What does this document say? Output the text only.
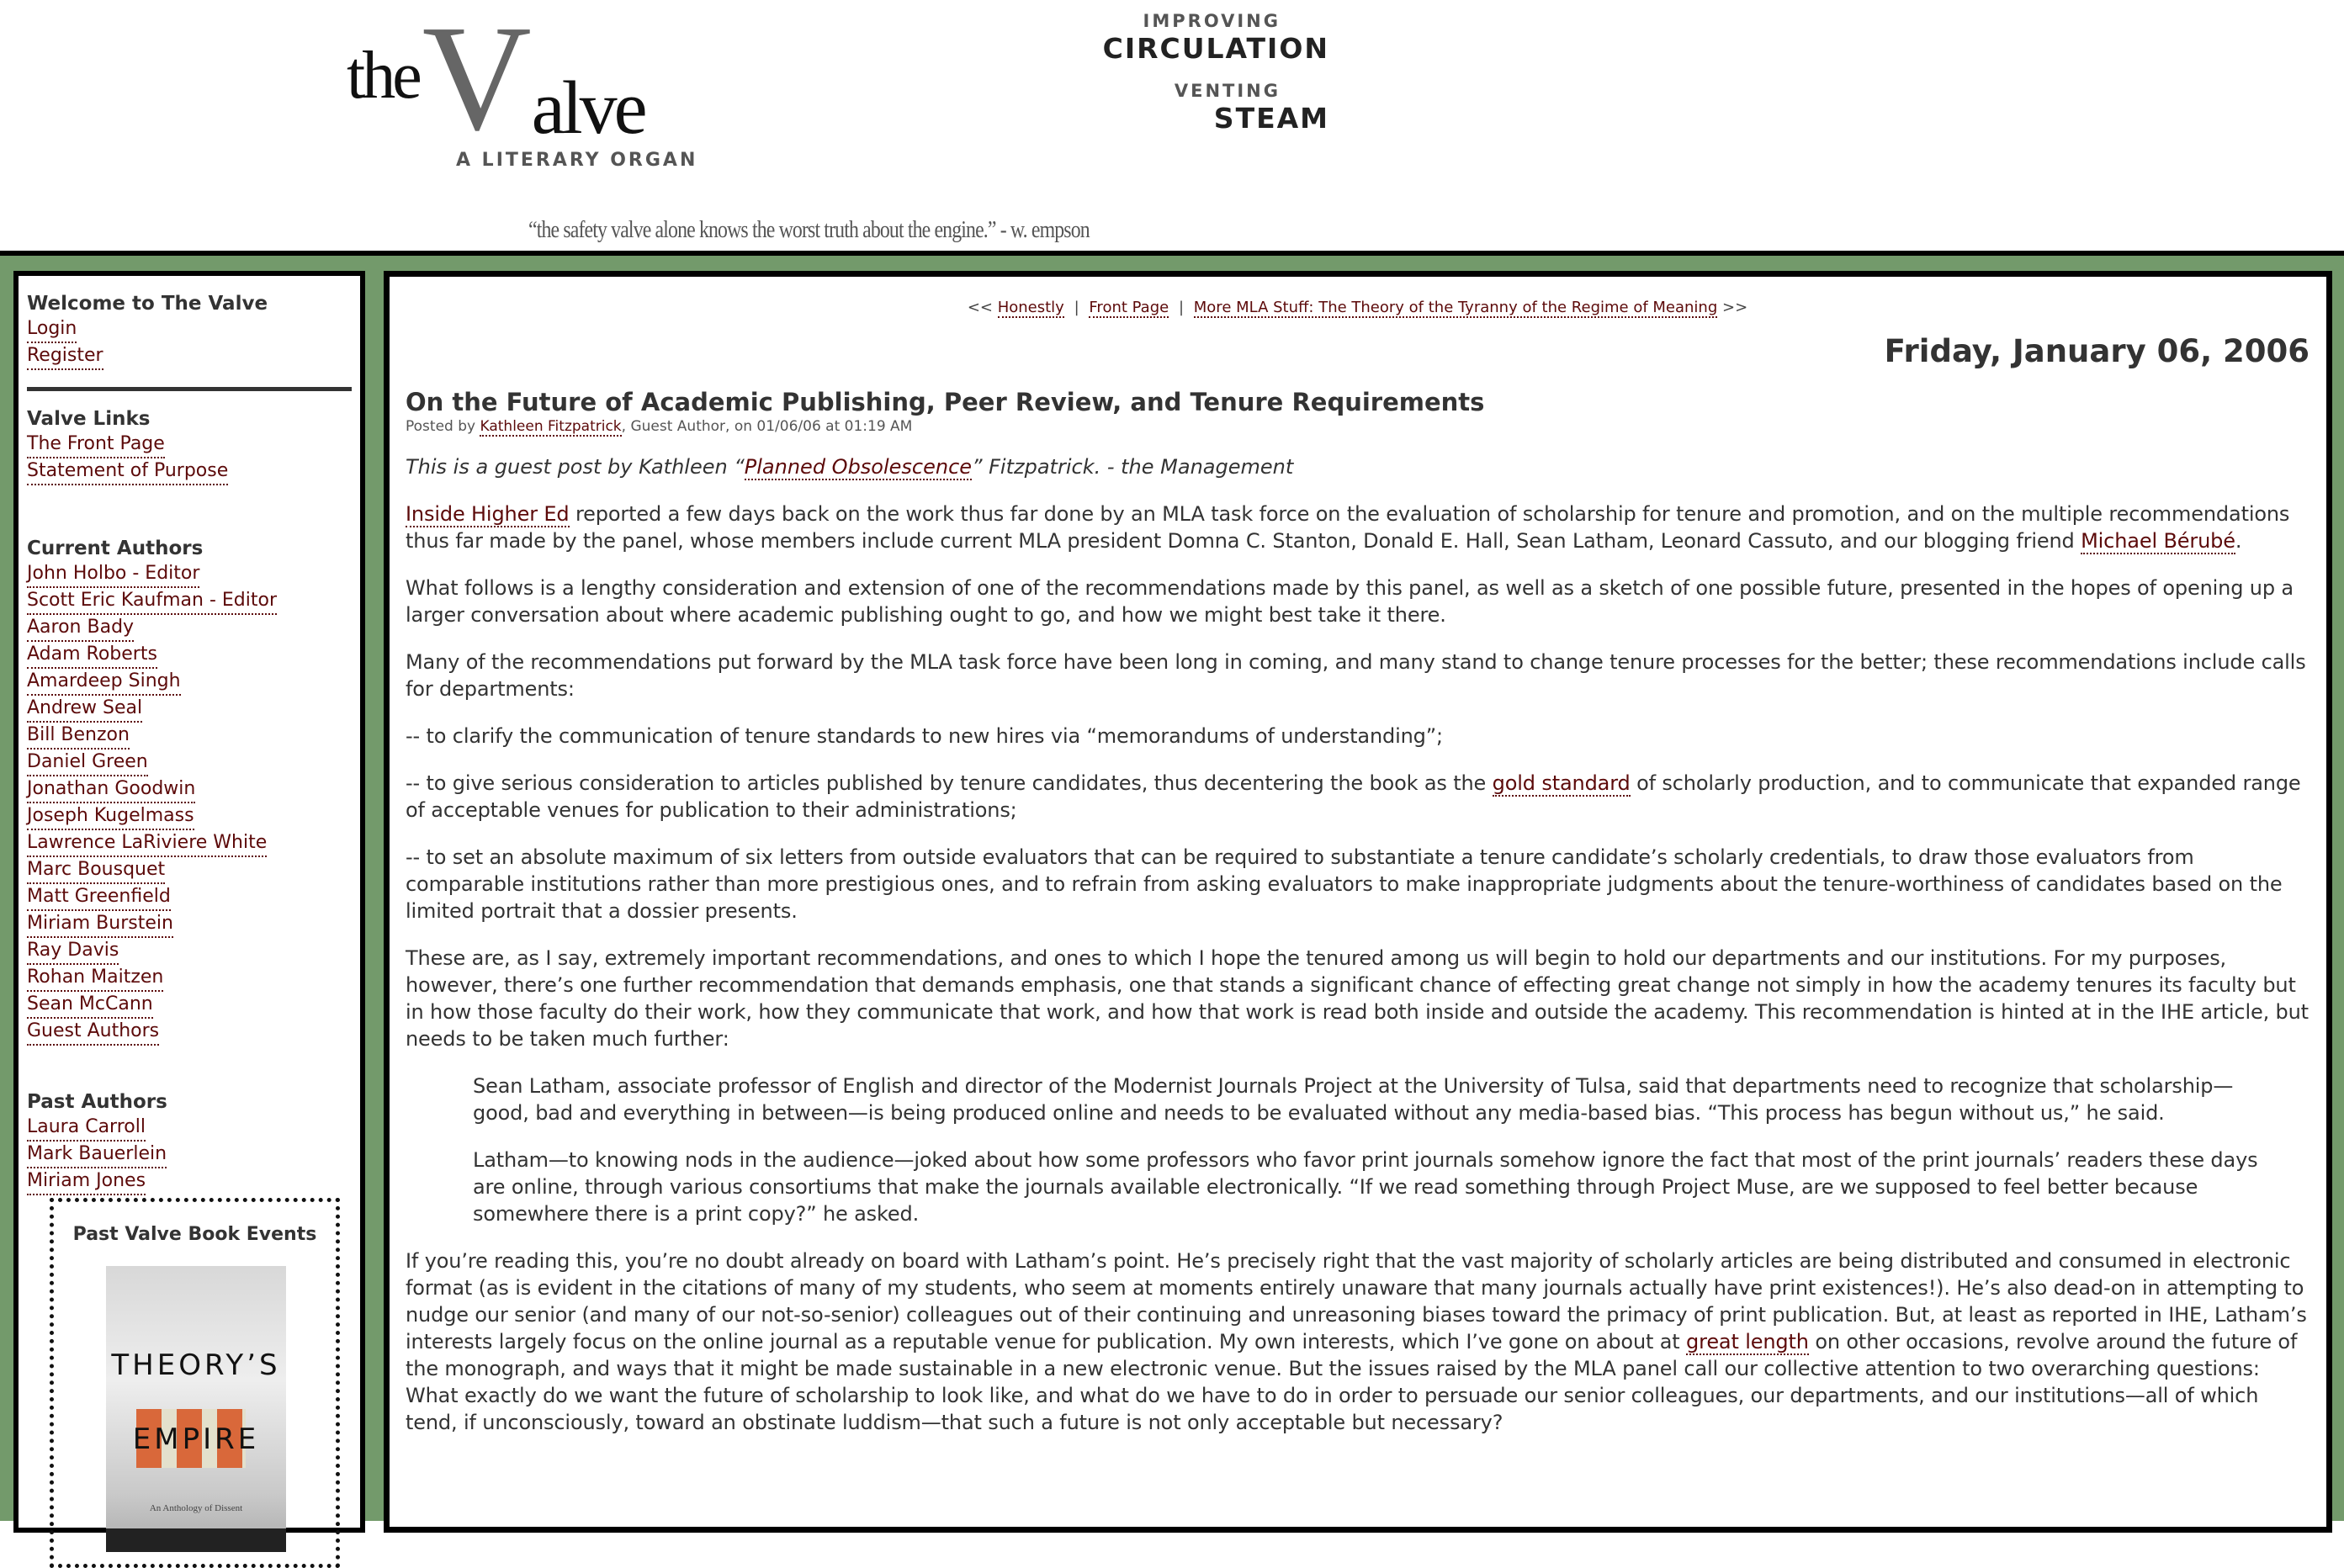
the V alve
A LITERARY ORGAN
IMPROVING
CIRCULATION
VENTING
STEAM
“the safety valve alone knows the worst truth about the engine.” - w. empson
Welcome to The Valve
Login
Register
Valve Links
The Front Page
Statement of Purpose
Current Authors
John Holbo - Editor
Scott Eric Kaufman - Editor
Aaron Bady
Adam Roberts
Amardeep Singh
Andrew Seal
Bill Benzon
Daniel Green
Jonathan Goodwin
Joseph Kugelmass
Lawrence LaRiviere White
Marc Bousquet
Matt Greenfield
Miriam Burstein
Ray Davis
Rohan Maitzen
Sean McCann
Guest Authors
Past Authors
Laura Carroll
Mark Bauerlein
Miriam Jones
Past Valve Book Events
THEORY’S
EMPIRE
An Anthology of Dissent
<< Honestly | Front Page | More MLA Stuff: The Theory of the Tyranny of the Regime of Meaning >>
Friday, January 06, 2006
On the Future of Academic Publishing, Peer Review, and Tenure Requirements
Posted by Kathleen Fitzpatrick, Guest Author, on 01/06/06 at 01:19 AM
This is a guest post by Kathleen “Planned Obsolescence” Fitzpatrick. - the Management
Inside Higher Ed reported a few days back on the work thus far done by an MLA task force on the evaluation of scholarship for tenure and promotion, and on the multiple recommendations thus far made by the panel, whose members include current MLA president Domna C. Stanton, Donald E. Hall, Sean Latham, Leonard Cassuto, and our blogging friend Michael Bérubé.
What follows is a lengthy consideration and extension of one of the recommendations made by this panel, as well as a sketch of one possible future, presented in the hopes of opening up a larger conversation about where academic publishing ought to go, and how we might best take it there.
Many of the recommendations put forward by the MLA task force have been long in coming, and many stand to change tenure processes for the better; these recommendations include calls for departments:
-- to clarify the communication of tenure standards to new hires via “memorandums of understanding”;
-- to give serious consideration to articles published by tenure candidates, thus decentering the book as the gold standard of scholarly production, and to communicate that expanded range of acceptable venues for publication to their administrations;
-- to set an absolute maximum of six letters from outside evaluators that can be required to substantiate a tenure candidate’s scholarly credentials, to draw those evaluators from comparable institutions rather than more prestigious ones, and to refrain from asking evaluators to make inappropriate judgments about the tenure-worthiness of candidates based on the limited portrait that a dossier presents.
These are, as I say, extremely important recommendations, and ones to which I hope the tenured among us will begin to hold our departments and our institutions. For my purposes, however, there’s one further recommendation that demands emphasis, one that stands a significant chance of effecting great change not simply in how the academy tenures its faculty but in how those faculty do their work, how they communicate that work, and how that work is read both inside and outside the academy. This recommendation is hinted at in the IHE article, but needs to be taken much further:
Sean Latham, associate professor of English and director of the Modernist Journals Project at the University of Tulsa, said that departments need to recognize that scholarship—good, bad and everything in between—is being produced online and needs to be evaluated without any media-based bias. “This process has begun without us,” he said.
Latham—to knowing nods in the audience—joked about how some professors who favor print journals somehow ignore the fact that most of the print journals’ readers these days are online, through various consortiums that make the journals available electronically. “If we read something through Project Muse, are we supposed to feel better because somewhere there is a print copy?” he asked.
If you’re reading this, you’re no doubt already on board with Latham’s point. He’s precisely right that the vast majority of scholarly articles are being distributed and consumed in electronic format (as is evident in the citations of many of my students, who seem at moments entirely unaware that many journals actually have print existences!). He’s also dead-on in attempting to nudge our senior (and many of our not-so-senior) colleagues out of their continuing and unreasoning biases toward the primacy of print publication. But, at least as reported in IHE, Latham’s interests largely focus on the online journal as a reputable venue for publication. My own interests, which I’ve gone on about at great length on other occasions, revolve around the future of the monograph, and ways that it might be made sustainable in a new electronic venue. But the issues raised by the MLA panel call our collective attention to two overarching questions: What exactly do we want the future of scholarship to look like, and what do we have to do in order to persuade our senior colleagues, our departments, and our institutions—all of which tend, if unconsciously, toward an obstinate luddism—that such a future is not only acceptable but necessary?
